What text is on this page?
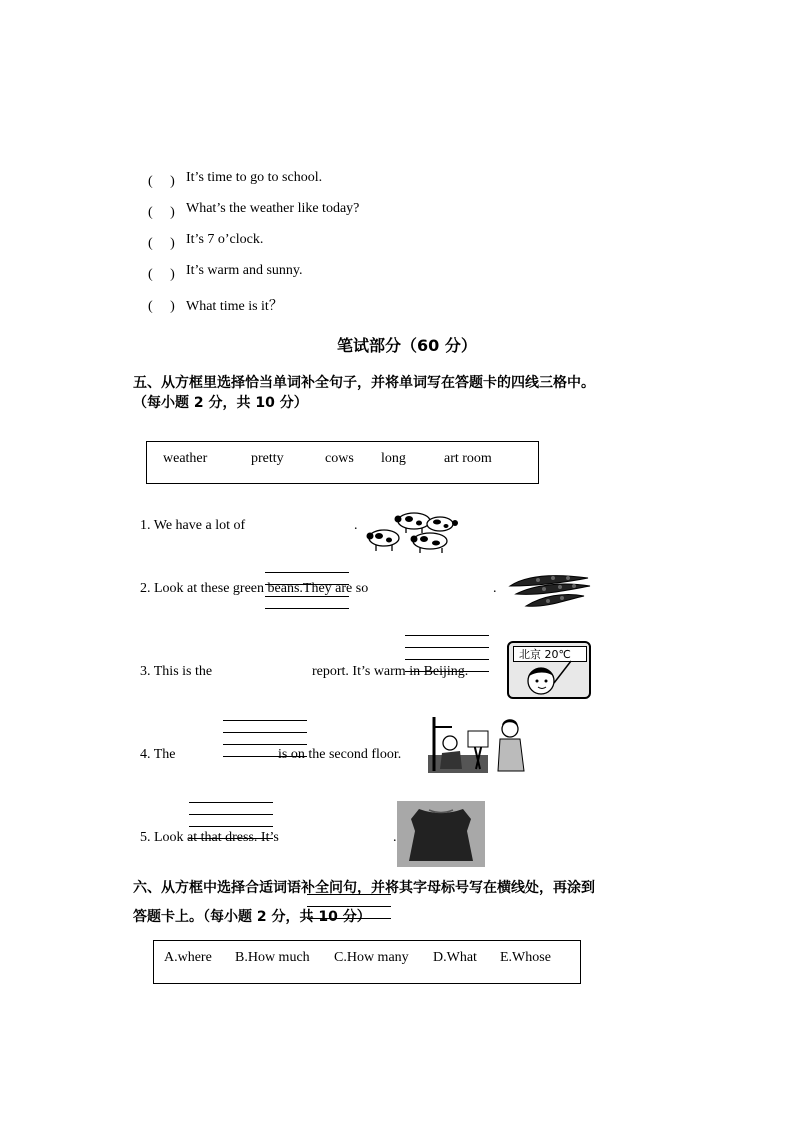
(　 ) It’s time to go to school.
(　 ) What’s the weather like today?
(　 ) It’s 7 o’clock.
(　 ) It’s warm and sunny.
(　 ) What time is it？
笔试部分（60 分）
五、从方框里选择恰当单词补全句子，并将单词写在答题卡的四线三格中。
（每小题 2 分，共 10 分）
weather	pretty	cows long	art room
1. We have a lot of	.
2. Look at these green beans.They are so	.
3. This is the	report. It’s warm in Beijing.
北京 20℃
4. The	is on the second floor.
5. Look at that dress. It’s	.
六、从方框中选择合适词语补全问句，并将其字母标号写在横线处，再涂到
答题卡上。（每小题 2 分，共 10 分）
A.where B.How much C.How many D.What E.Whose
